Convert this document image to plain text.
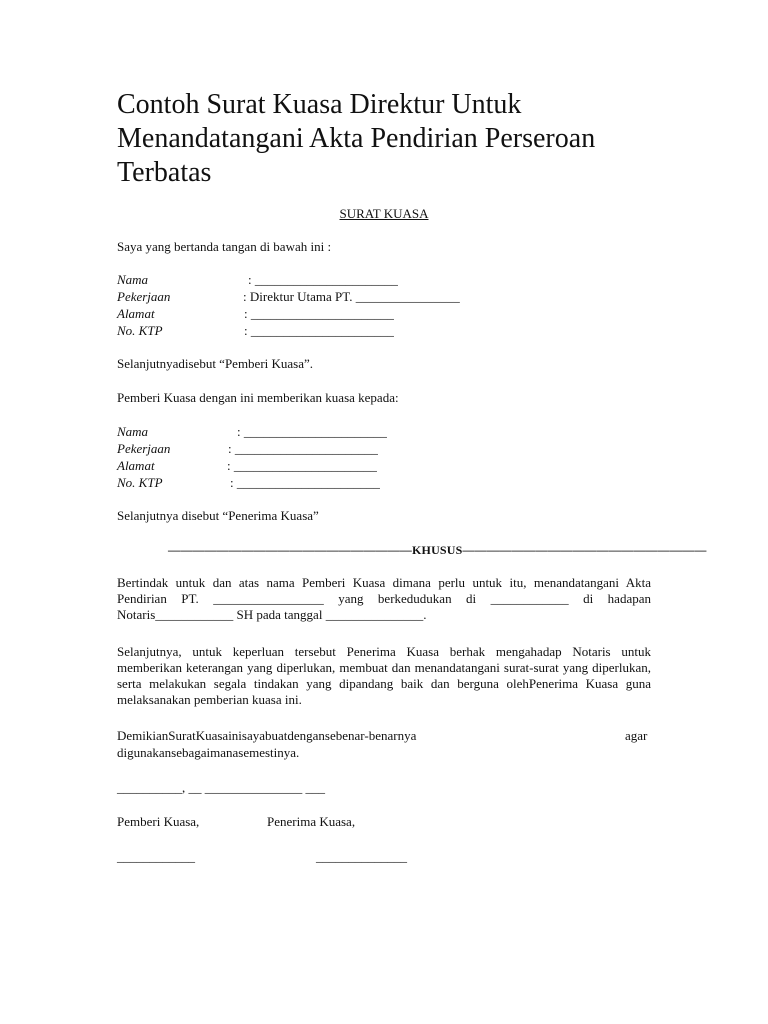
Contoh Surat Kuasa Direktur Untuk Menandatangani Akta Pendirian Perseroan Terbatas
SURAT KUASA
Saya yang bertanda tangan di bawah ini :
Nama	: ______________________
Pekerjaan	: Direktur Utama PT. ________________
Alamat	: ______________________
No. KTP	: ______________________
Selanjutnyadisebut “Pemberi Kuasa”.
Pemberi Kuasa dengan ini memberikan kuasa kepada:
Nama	: ______________________
Pekerjaan	: ______________________
Alamat	: ______________________
No. KTP	: ______________________
Selanjutnya disebut “Penerima Kuasa”
————————————————————KHUSUS————————————————————

Bertindak untuk dan atas nama Pemberi Kuasa dimana perlu untuk itu, menandatangani Akta Pendirian PT. _________________ yang berkedudukan di ____________ di hadapan Notaris____________ SH pada tanggal _______________.

Selanjutnya, untuk keperluan tersebut Penerima Kuasa berhak mengahadap Notaris untuk memberikan keterangan yang diperlukan, membuat dan menandatangani surat-surat yang diperlukan, serta melakukan segala tindakan yang dipandang baik dan berguna olehPenerima Kuasa guna melaksanakan pemberian kuasa ini.

DemikianSuratKuasainisayabuatdengansebenar-benarnya	agar
digunakansebagaimanasemestinya.
__________, __ _______________ ___
Pemberi Kuasa,	Penerima Kuasa,
____________	______________
